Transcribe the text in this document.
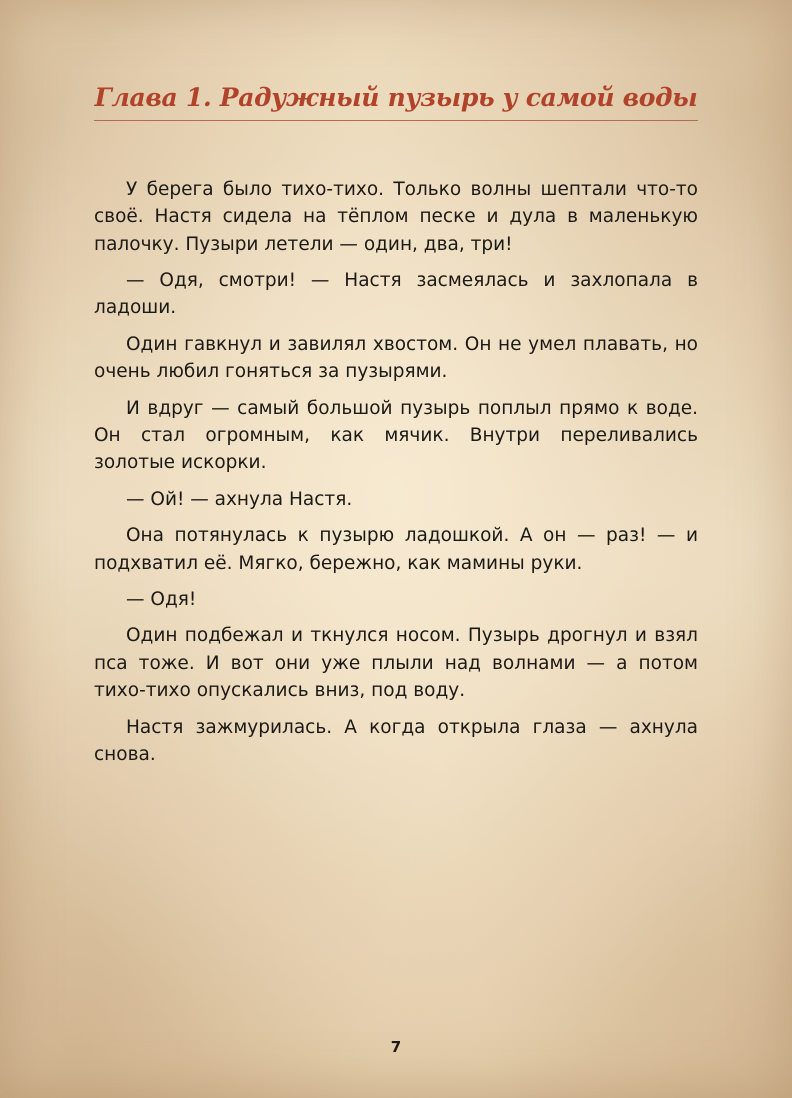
Глава 1. Радужный пузырь у самой воды

У берега было тихо-тихо. Только волны шептали что-то своё. Настя сидела на тёплом песке и дула в маленькую палочку. Пузыри летели — один, два, три!

— Одя, смотри! — Настя засмеялась и захлопала в ладоши.

Один гавкнул и завилял хвостом. Он не умел плавать, но очень любил гоняться за пузырями.

И вдруг — самый большой пузырь поплыл прямо к воде. Он стал огромным, как мячик. Внутри переливались золотые искорки.

— Ой! — ахнула Настя.

Она потянулась к пузырю ладошкой. А он — раз! — и подхватил её. Мягко, бережно, как мамины руки.

— Одя!

Один подбежал и ткнулся носом. Пузырь дрогнул и взял пса тоже. И вот они уже плыли над волнами — а потом тихо-тихо опускались вниз, под воду.

Настя зажмурилась. А когда открыла глаза — ахнула снова.

7
